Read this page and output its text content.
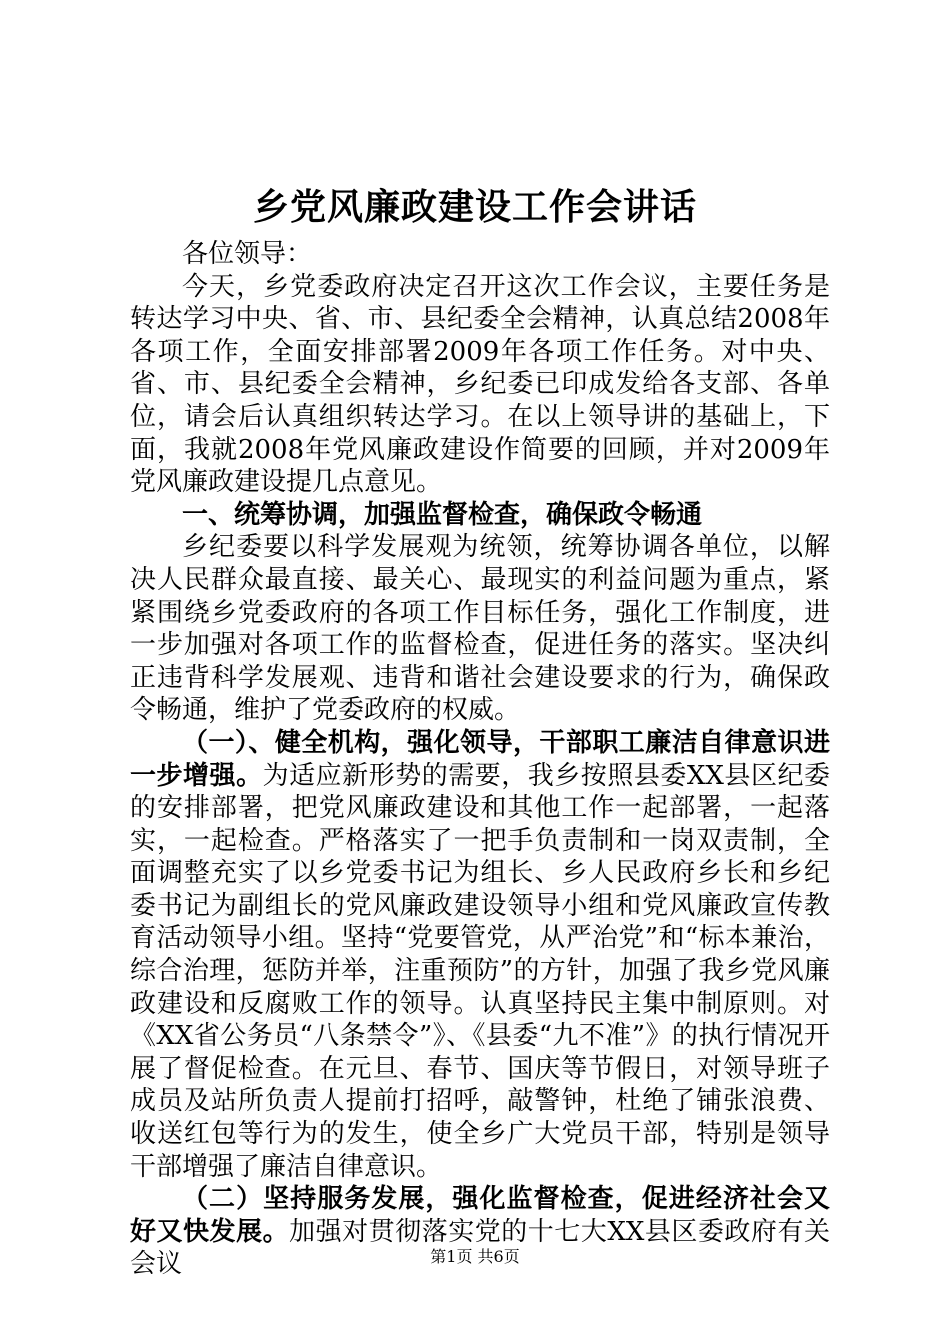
乡党风廉政建设工作会讲话

各位领导：

今天，乡党委政府决定召开这次工作会议，主要任务是转达学习中央、省、市、县纪委全会精神，认真总结2008年各项工作，全面安排部署2009年各项工作任务。对中央、省、市、县纪委全会精神，乡纪委已印成发给各支部、各单位，请会后认真组织转达学习。在以上领导讲的基础上，下面，我就2008年党风廉政建设作简要的回顾，并对2009年党风廉政建设提几点意见。

一、统筹协调，加强监督检查，确保政令畅通

乡纪委要以科学发展观为统领，统筹协调各单位，以解决人民群众最直接、最关心、最现实的利益问题为重点，紧紧围绕乡党委政府的各项工作目标任务，强化工作制度，进一步加强对各项工作的监督检查，促进任务的落实。坚决纠正违背科学发展观、违背和谐社会建设要求的行为，确保政令畅通，维护了党委政府的权威。

（一）、健全机构，强化领导，干部职工廉洁自律意识进一步增强。为适应新形势的需要，我乡按照县委XX县区纪委的安排部署，把党风廉政建设和其他工作一起部署，一起落实，一起检查。严格落实了一把手负责制和一岗双责制，全面调整充实了以乡党委书记为组长、乡人民政府乡长和乡纪委书记为副组长的党风廉政建设领导小组和党风廉政宣传教育活动领导小组。坚持“党要管党，从严治党”和“标本兼治，综合治理，惩防并举，注重预防”的方针，加强了我乡党风廉政建设和反腐败工作的领导。认真坚持民主集中制原则。对《XX省公务员“八条禁令”》、《县委“九不准”》的执行情况开展了督促检查。在元旦、春节、国庆等节假日，对领导班子成员及站所负责人提前打招呼，敲警钟，杜绝了铺张浪费、收送红包等行为的发生，使全乡广大党员干部，特别是领导干部增强了廉洁自律意识。

（二）坚持服务发展，强化监督检查，促进经济社会又好又快发展。加强对贯彻落实党的十七大XX县区委政府有关会议	第1页 共6页
